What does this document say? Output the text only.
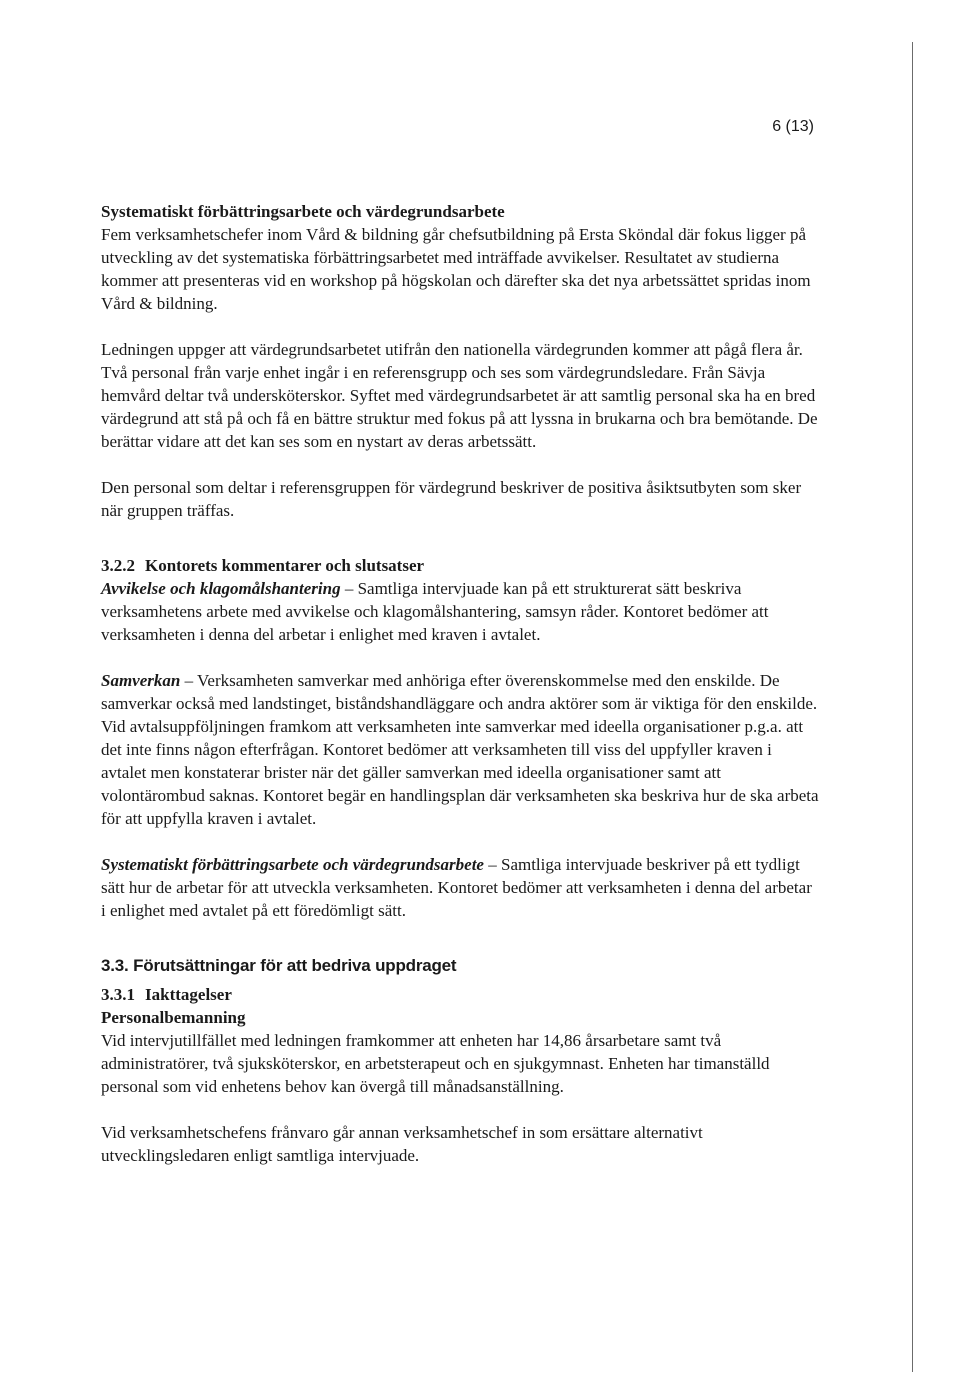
6 (13)

Systematiskt förbättringsarbete och värdegrundsarbete

Fem verksamhetschefer inom Vård & bildning går chefsutbildning på Ersta Sköndal där fokus ligger på utveckling av det systematiska förbättringsarbetet med inträffade avvikelser. Resultatet av studierna kommer att presenteras vid en workshop på högskolan och därefter ska det nya arbetssättet spridas inom Vård & bildning.

Ledningen uppger att värdegrundsarbetet utifrån den nationella värdegrunden kommer att pågå flera år. Två personal från varje enhet ingår i en referensgrupp och ses som värdegrundsledare. Från Sävja hemvård deltar två undersköterskor. Syftet med värdegrundsarbetet är att samtlig personal ska ha en bred värdegrund att stå på och få en bättre struktur med fokus på att lyssna in brukarna och bra bemötande. De berättar vidare att det kan ses som en nystart av deras arbetssätt.

Den personal som deltar i referensgruppen för värdegrund beskriver de positiva åsiktsutbyten som sker när gruppen träffas.

3.2.2 Kontorets kommentarer och slutsatser

Avvikelse och klagomålshantering – Samtliga intervjuade kan på ett strukturerat sätt beskriva verksamhetens arbete med avvikelse och klagomålshantering, samsyn råder. Kontoret bedömer att verksamheten i denna del arbetar i enlighet med kraven i avtalet.

Samverkan – Verksamheten samverkar med anhöriga efter överenskommelse med den enskilde. De samverkar också med landstinget, biståndshandläggare och andra aktörer som är viktiga för den enskilde. Vid avtalsuppföljningen framkom att verksamheten inte samverkar med ideella organisationer p.g.a. att det inte finns någon efterfrågan. Kontoret bedömer att verksamheten till viss del uppfyller kraven i avtalet men konstaterar brister när det gäller samverkan med ideella organisationer samt att volontärombud saknas. Kontoret begär en handlingsplan där verksamheten ska beskriva hur de ska arbeta för att uppfylla kraven i avtalet.

Systematiskt förbättringsarbete och värdegrundsarbete – Samtliga intervjuade beskriver på ett tydligt sätt hur de arbetar för att utveckla verksamheten. Kontoret bedömer att verksamheten i denna del arbetar i enlighet med avtalet på ett föredömligt sätt.

3.3. Förutsättningar för att bedriva uppdraget

3.3.1 Iakttagelser

Personalbemanning

Vid intervjutillfället med ledningen framkommer att enheten har 14,86 årsarbetare samt två administratörer, två sjuksköterskor, en arbetsterapeut och en sjukgymnast. Enheten har timanställd personal som vid enhetens behov kan övergå till månadsanställning.

Vid verksamhetschefens frånvaro går annan verksamhetschef in som ersättare alternativt utvecklingsledaren enligt samtliga intervjuade.
